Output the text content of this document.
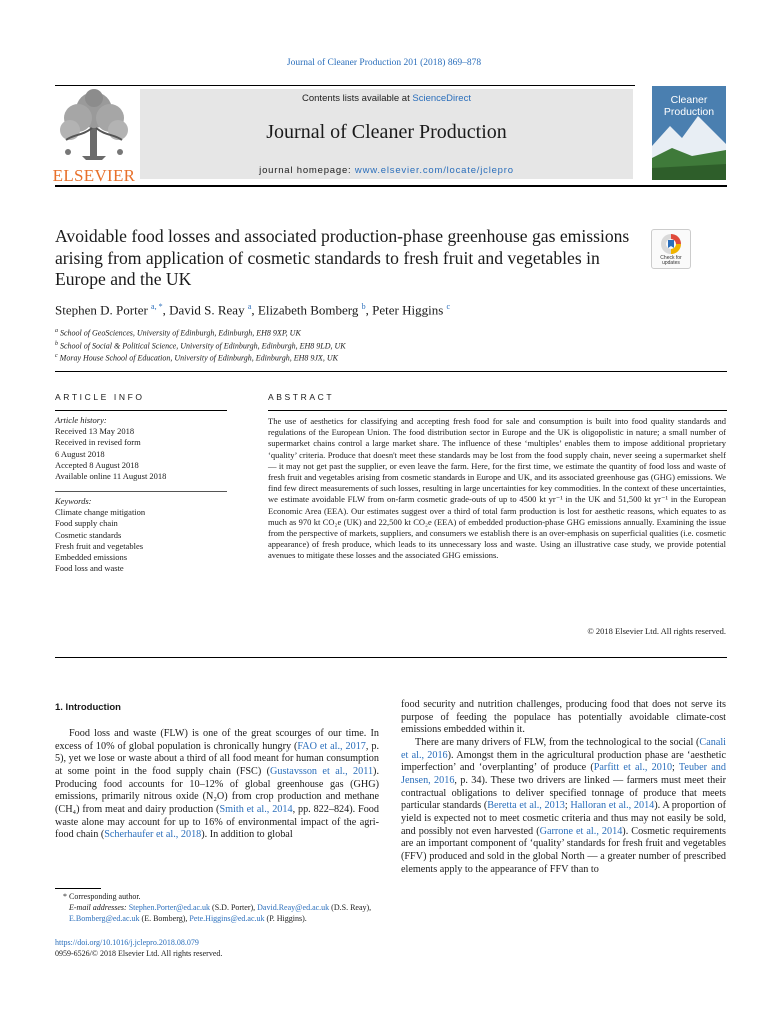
Journal of Cleaner Production 201 (2018) 869–878
ELSEVIER
Contents lists available at ScienceDirect
Journal of Cleaner Production
journal homepage: www.elsevier.com/locate/jclepro
Cleaner Production
Avoidable food losses and associated production-phase greenhouse gas emissions arising from application of cosmetic standards to fresh fruit and vegetables in Europe and the UK
Check for updates
Stephen D. Porter $^{a, *}$, David S. Reay $^a$, Elizabeth Bomberg $^b$, Peter Higgins $^c$
$^a$ School of GeoSciences, University of Edinburgh, Edinburgh, EH8 9XP, UK
$^b$ School of Social & Political Science, University of Edinburgh, Edinburgh, EH8 9LD, UK
$^c$ Moray House School of Education, University of Edinburgh, Edinburgh, EH8 9JX, UK
ARTICLE INFO	ABSTRACT
Article history:
Received 13 May 2018
Received in revised form
6 August 2018
Accepted 8 August 2018
Available online 11 August 2018
Keywords:
Climate change mitigation
Food supply chain
Cosmetic standards
Fresh fruit and vegetables
Embedded emissions
Food loss and waste
The use of aesthetics for classifying and accepting fresh food for sale and consumption is built into food quality standards and regulations of the European Union. The food distribution sector in Europe and the UK is oligopolistic in nature; a small number of supermarket chains control a large market share. The influence of these ‘multiples’ enables them to impose additional proprietary ‘quality’ criteria. Produce that doesn't meet these standards may be lost from the food supply chain, never seeing a supermarket shelf — it may not get past the supplier, or even leave the farm. Here, for the first time, we estimate the quantity of food loss and waste of fresh fruit and vegetables arising from cosmetic standards in Europe and UK, and its associated greenhouse gas (GHG) emissions. We find few direct measurements of such losses, resulting in large uncertainties for key commodities. In the context of these uncertainties, we estimate avoidable FLW from on-farm cosmetic grade-outs of up to 4500 kt yr⁻¹ in the UK and 51,500 kt yr⁻¹ in the European Economic Area (EEA). Our estimates suggest over a third of total farm production is lost for aesthetic reasons, which equates to as much as 970 kt CO₂e (UK) and 22,500 kt CO₂e (EEA) of embedded production-phase GHG emissions annually. Examining the issue from the perspective of markets, suppliers, and consumers we establish there is an over-emphasis on superficial qualities (i.e. cosmetic appearance) of fresh produce, which leads to its unnecessary loss and waste. Using an illustrative case study, we provide potential avenues to mitigate these losses and the associated GHG emissions.
© 2018 Elsevier Ltd. All rights reserved.
1. Introduction

Food loss and waste (FLW) is one of the great scourges of our time. In excess of 10% of global population is chronically hungry (FAO et al., 2017, p. 5), yet we lose or waste about a third of all food meant for human consumption at some point in the food supply chain (FSC) (Gustavsson et al., 2011). Producing food accounts for 10–12% of global greenhouse gas (GHG) emissions, primarily nitrous oxide (N₂O) from crop production and methane (CH₄) from meat and dairy production (Smith et al., 2014, pp. 822–824). Food waste alone may account for up to 16% of environmental impact of the agri-food chain (Scherhaufer et al., 2018). In addition to global

food security and nutrition challenges, producing food that does not serve its purpose of feeding the populace has potentially avoidable climate-cost emissions embedded within it.

There are many drivers of FLW, from the technological to the social (Canali et al., 2016). Amongst them in the agricultural production phase are ‘aesthetic imperfection’ and ‘overplanting’ of produce (Parfitt et al., 2010; Teuber and Jensen, 2016, p. 34). These two drivers are linked — farmers must meet their contractual obligations to deliver specified tonnage of produce that meets particular standards (Beretta et al., 2013; Halloran et al., 2014). A proportion of yield is expected not to meet cosmetic criteria and thus may not easily be sold, and possibly not even harvested (Garrone et al., 2014). Cosmetic requirements are an important component of ‘quality’ standards for fresh fruit and vegetables (FFV) produced and sold in the global North — a greater number of prescribed elements apply to the appearance of FFV than to

* Corresponding author.
E-mail addresses: Stephen.Porter@ed.ac.uk (S.D. Porter), David.Reay@ed.ac.uk (D.S. Reay), E.Bomberg@ed.ac.uk (E. Bomberg), Pete.Higgins@ed.ac.uk (P. Higgins).
https://doi.org/10.1016/j.jclepro.2018.08.079
0959-6526/© 2018 Elsevier Ltd. All rights reserved.
